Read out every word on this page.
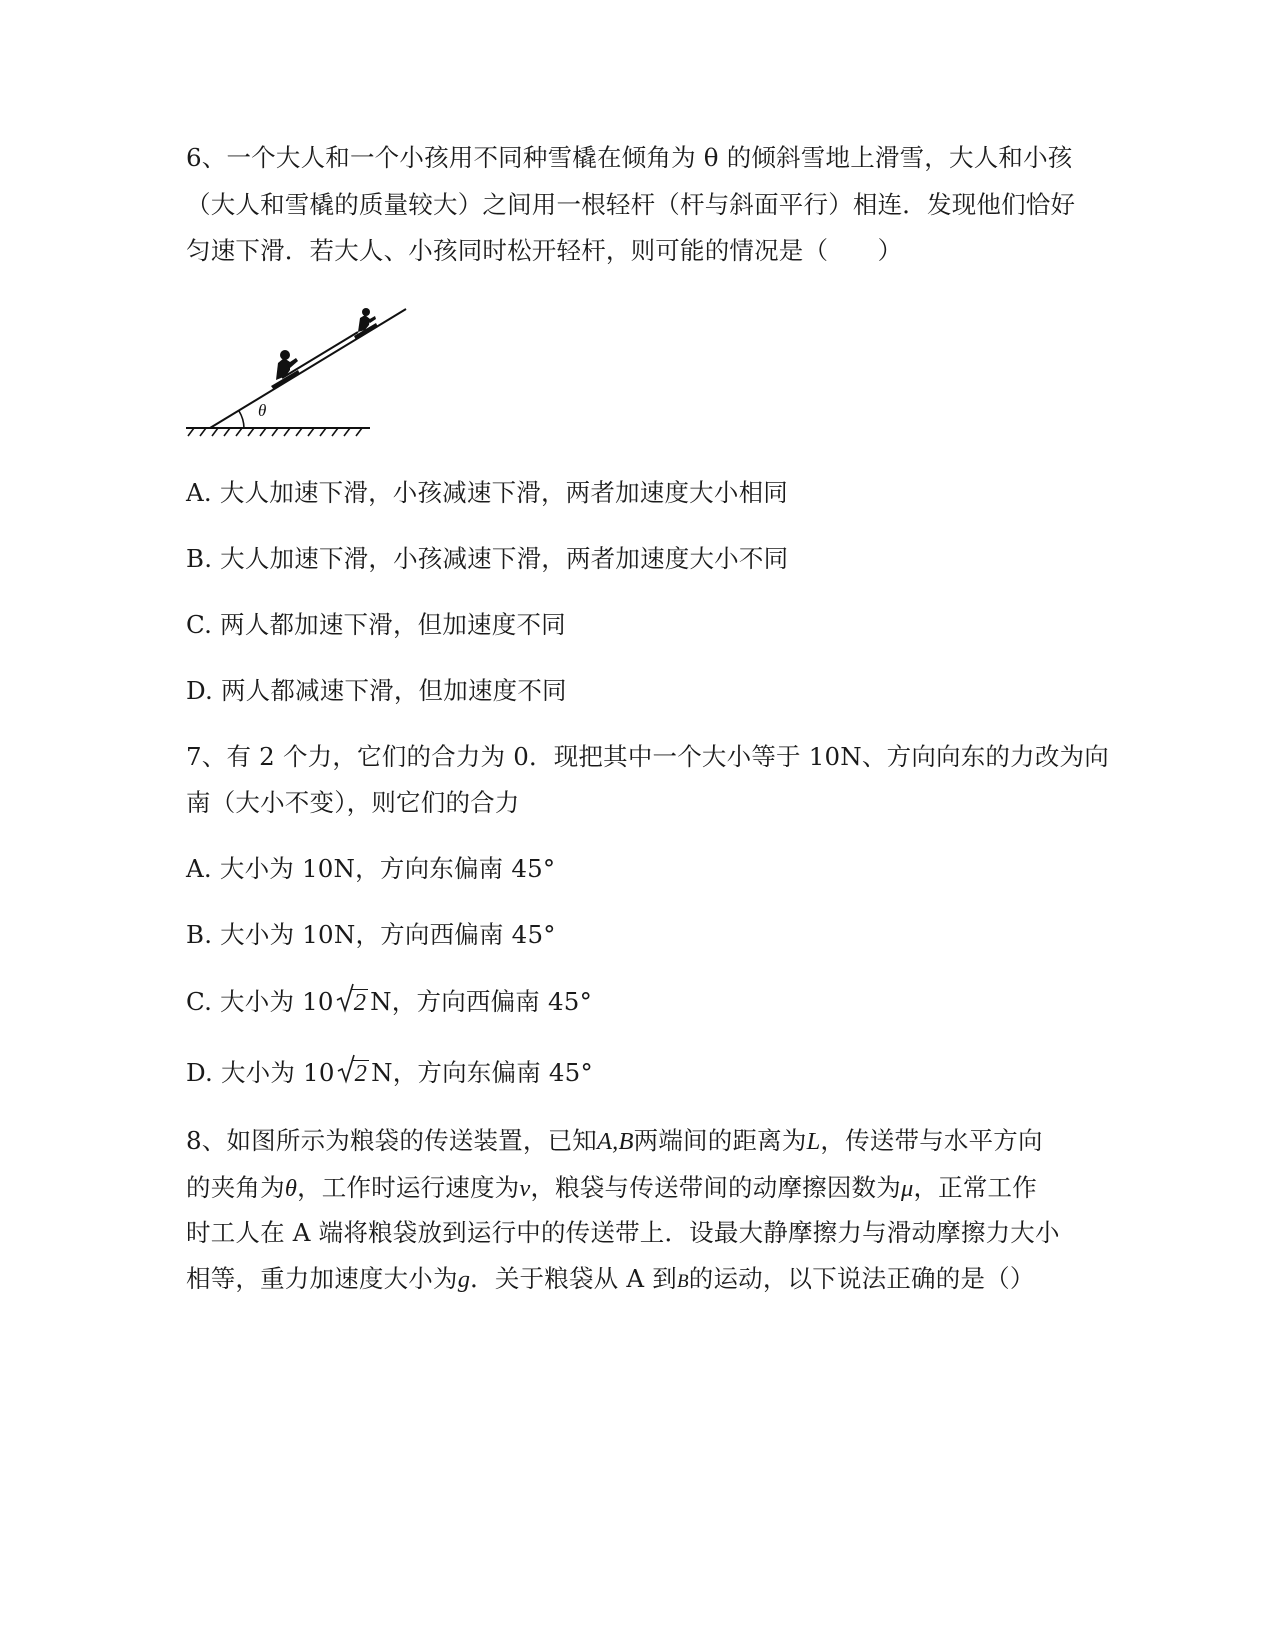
6、一个大人和一个小孩用不同种雪橇在倾角为 θ 的倾斜雪地上滑雪，大人和小孩
（大人和雪橇的质量较大）之间用一根轻杆（杆与斜面平行）相连．发现他们恰好
匀速下滑．若大人、小孩同时松开轻杆，则可能的情况是（　　）
θ
A. 大人加速下滑，小孩减速下滑，两者加速度大小相同
B. 大人加速下滑，小孩减速下滑，两者加速度大小不同
C. 两人都加速下滑，但加速度不同
D. 两人都减速下滑，但加速度不同
7、有 2 个力，它们的合力为 0．现把其中一个大小等于 10N、方向向东的力改为向
南（大小不变），则它们的合力
A. 大小为 10N，方向东偏南 45°
B. 大小为 10N，方向西偏南 45°
C. 大小为 10 2 N，方向西偏南 45°
D. 大小为 10 2 N，方向东偏南 45°
8、如图所示为粮袋的传送装置，已知A,B两端间的距离为L，传送带与水平方向
的夹角为θ，工作时运行速度为v，粮袋与传送带间的动摩擦因数为μ，正常工作
时工人在 A 端将粮袋放到运行中的传送带上．设最大静摩擦力与滑动摩擦力大小
相等，重力加速度大小为g．关于粮袋从 A 到B的运动，以下说法正确的是（）
